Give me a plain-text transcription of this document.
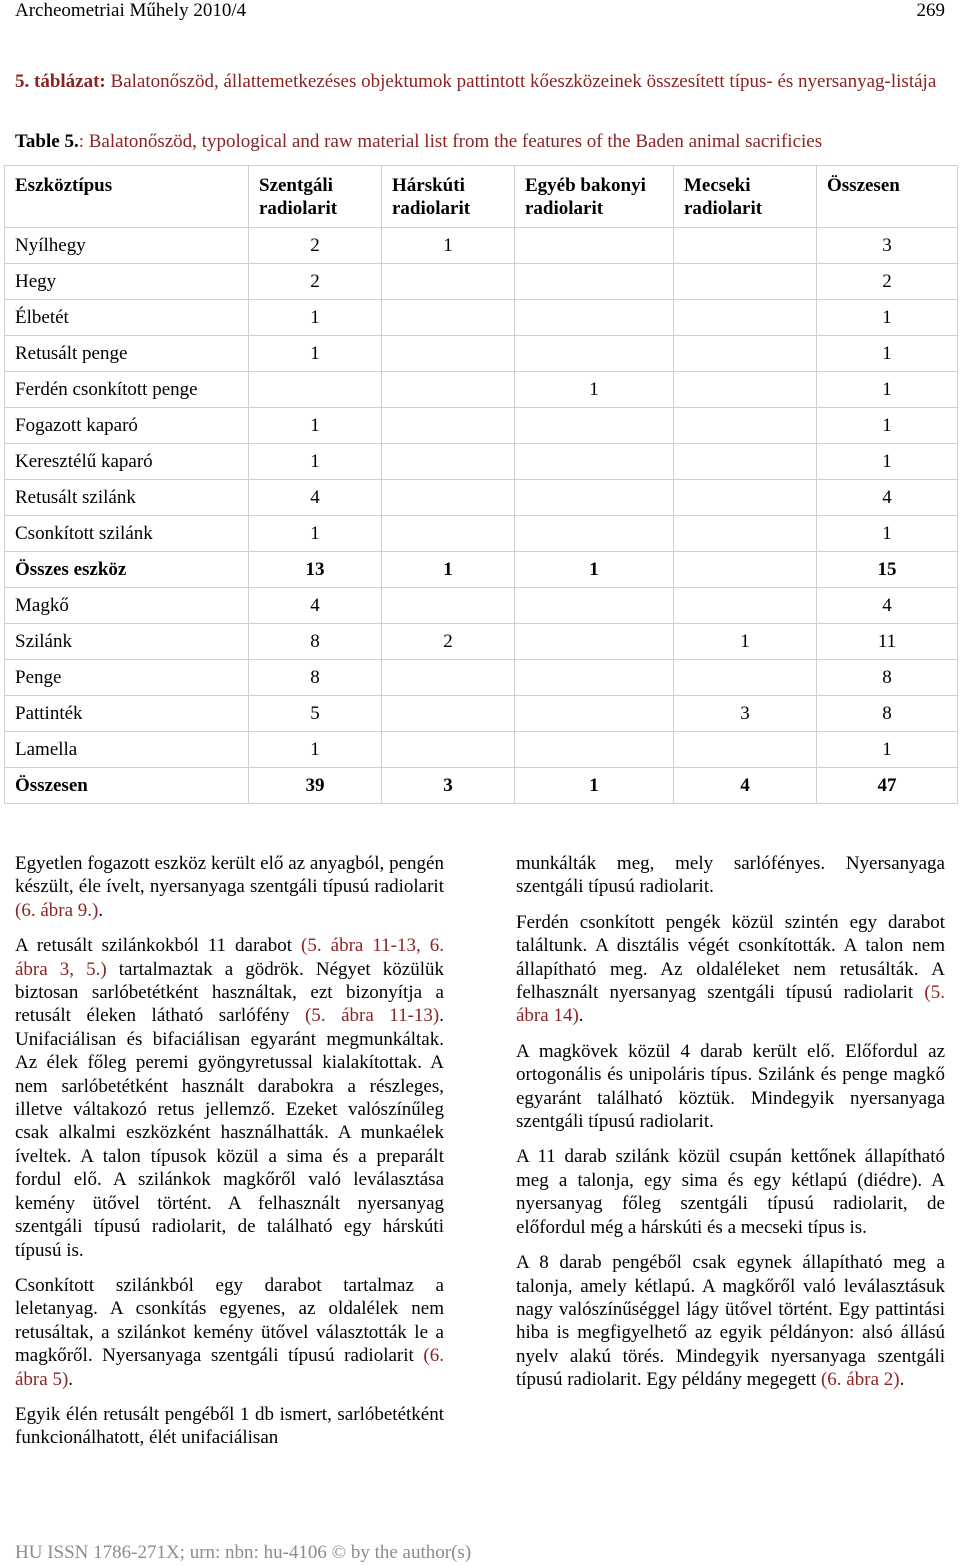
Archeometriai Műhely 2010/4	269
5. táblázat: Balatonőszöd, állattemetkezéses objektumok pattintott kőeszközeinek összesített típus- és nyersanyag-listája
Table 5.: Balatonőszöd, typological and raw material list from the features of the Baden animal sacrificies
Eszköztípus	Szentgáli radiolarit	Hárskúti radiolarit	Egyéb bakonyi radiolarit	Mecseki radiolarit	Összesen
Nyílhegy	2	1			3
Hegy	2				2
Élbetét	1				1
Retusált penge	1				1
Ferdén csonkított penge			1		1
Fogazott kaparó	1				1
Keresztélű kaparó	1				1
Retusált szilánk	4				4
Csonkított szilánk	1				1
Összes eszköz	13	1	1		15
Magkő	4				4
Szilánk	8	2		1	11
Penge	8				8
Pattinték	5			3	8
Lamella	1				1
Összesen	39	3	1	4	47

Egyetlen fogazott eszköz került elő az anyagból, pengén készült, éle ívelt, nyersanyaga szentgáli típusú radiolarit (6. ábra 9.).

A retusált szilánkokból 11 darabot (5. ábra 11-13, 6. ábra 3, 5.) tartalmaztak a gödrök. Négyet közülük biztosan sarlóbetétként használtak, ezt bizonyítja a retusált éleken látható sarlófény (5. ábra 11-13). Unifaciálisan és bifaciálisan egyaránt megmunkáltak. Az élek főleg peremi gyöngyretussal kialakítottak. A nem sarlóbetétként használt darabokra a részleges, illetve váltakozó retus jellemző. Ezeket valószínűleg csak alkalmi eszközként használhatták. A munkaélek íveltek. A talon típusok közül a sima és a preparált fordul elő. A szilánkok magkőről való leválasztása kemény ütővel történt. A felhasznált nyersanyag szentgáli típusú radiolarit, de található egy hárskúti típusú is.

Csonkított szilánkból egy darabot tartalmaz a leletanyag. A csonkítás egyenes, az oldalélek nem retusáltak, a szilánkot kemény ütővel választották le a magkőről. Nyersanyaga szentgáli típusú radiolarit (6. ábra 5).

Egyik élén retusált pengéből 1 db ismert, sarlóbetétként funkcionálhatott, élét unifaciálisan

munkálták meg, mely sarlófényes. Nyersanyaga szentgáli típusú radiolarit.

Ferdén csonkított pengék közül szintén egy darabot találtunk. A disztális végét csonkították. A talon nem állapítható meg. Az oldaléleket nem retusálták. A felhasznált nyersanyag szentgáli típusú radiolarit (5. ábra 14).

A magkövek közül 4 darab került elő. Előfordul az ortogonális és unipoláris típus. Szilánk és penge magkő egyaránt található köztük. Mindegyik nyersanyaga szentgáli típusú radiolarit.

A 11 darab szilánk közül csupán kettőnek állapítható meg a talonja, egy sima és egy kétlapú (diédre). A nyersanyag főleg szentgáli típusú radiolarit, de előfordul még a hárskúti és a mecseki típus is.

A 8 darab pengéből csak egynek állapítható meg a talonja, amely kétlapú. A magkőről való leválasztásuk nagy valószínűséggel lágy ütővel történt. Egy pattintási hiba is megfigyelhető az egyik példányon: alsó állású nyelv alakú törés. Mindegyik nyersanyaga szentgáli típusú radiolarit. Egy példány megegett (6. ábra 2).

HU ISSN 1786-271X; urn: nbn: hu-4106 © by the author(s)
